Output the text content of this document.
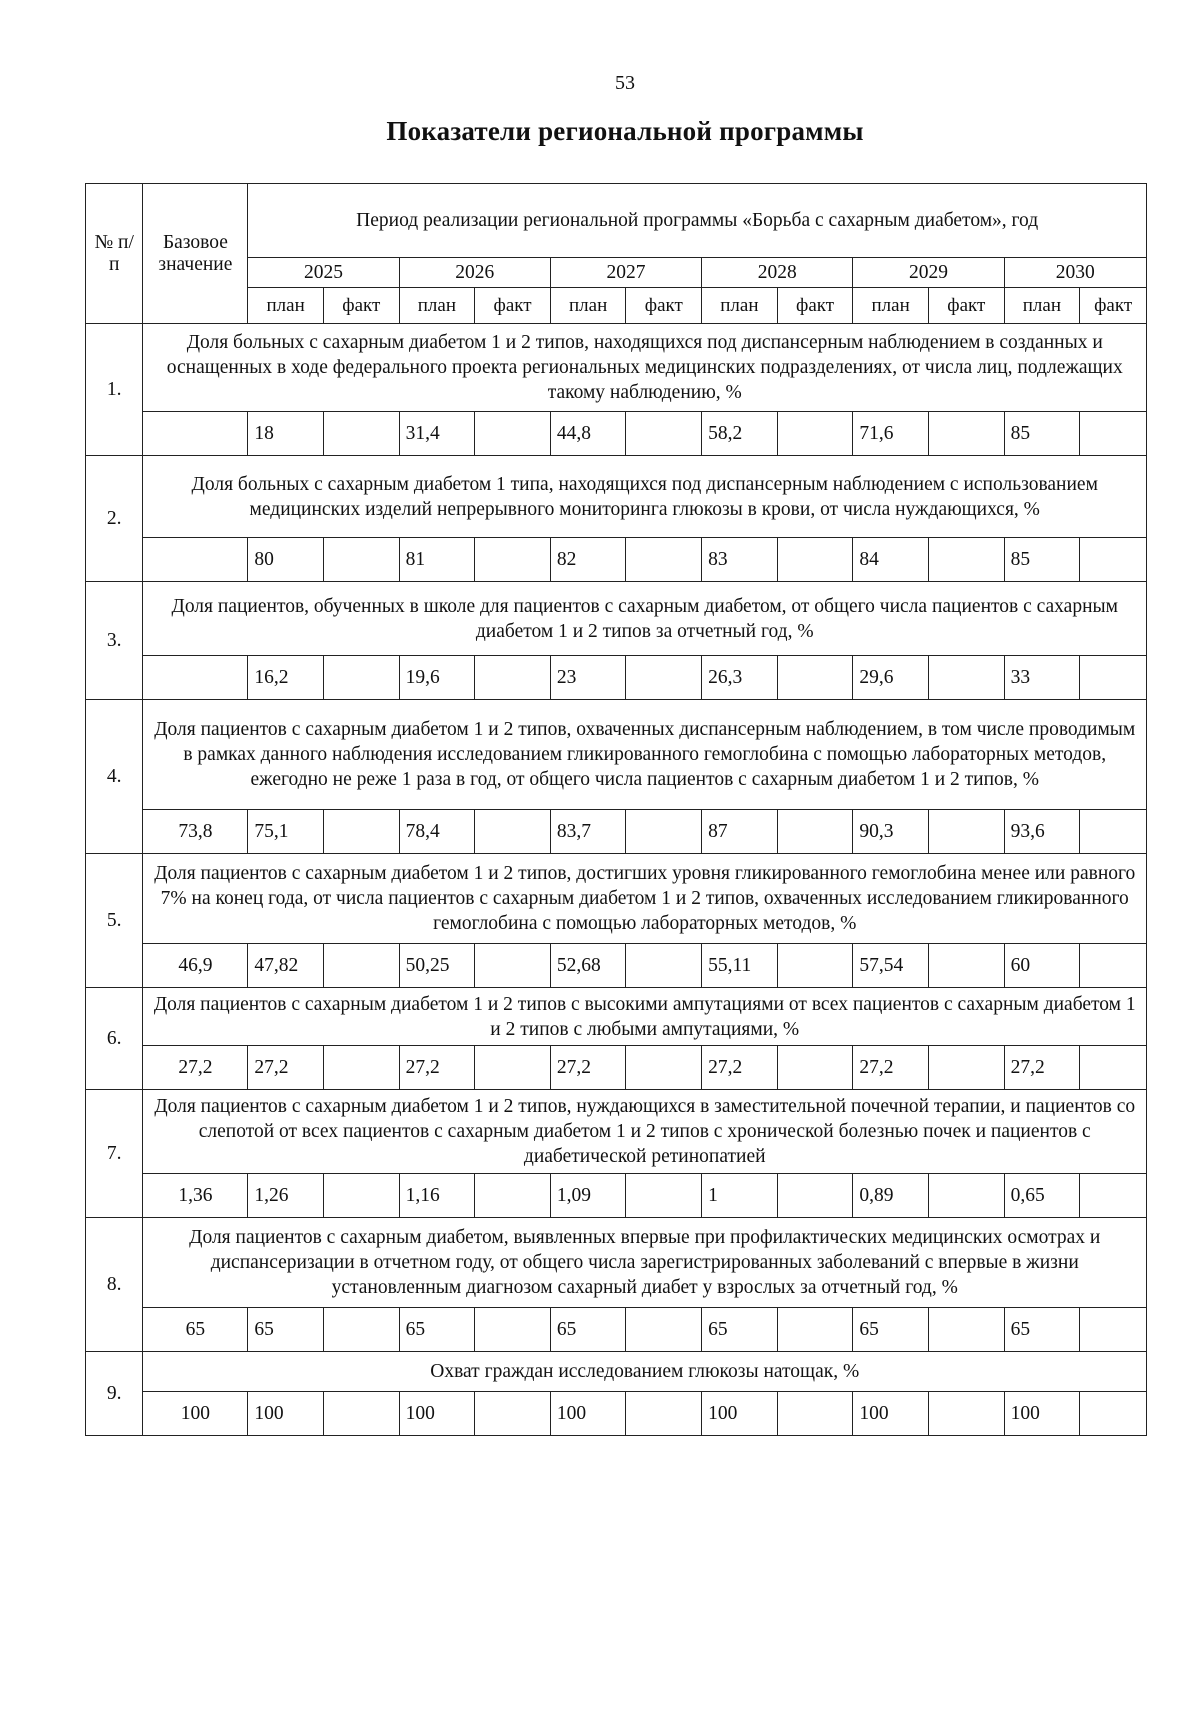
53
Показатели региональной программы
№ п/п	Базовое значение	Период реализации региональной программы «Борьба с сахарным диабетом», год											
		2025		2026		2027		2028		2029		2030	
		план	факт	план	факт	план	факт	план	факт	план	факт	план	факт
1.	Доля больных с сахарным диабетом 1 и 2 типов, находящихся под диспансерным наблюдением в созданных и оснащенных в ходе федерального проекта региональных медицинских подразделениях, от числа лиц, подлежащих такому наблюдению, %												
		18		31,4		44,8		58,2		71,6		85	
2.	Доля больных с сахарным диабетом 1 типа, находящихся под диспансерным наблюдением с использованием медицинских изделий непрерывного мониторинга глюкозы в крови, от числа нуждающихся, %												
		80		81		82		83		84		85	
3.	Доля пациентов, обученных в школе для пациентов с сахарным диабетом, от общего числа пациентов с сахарным диабетом 1 и 2 типов за отчетный год, %												
		16,2		19,6		23		26,3		29,6		33	
4.	Доля пациентов с сахарным диабетом 1 и 2 типов, охваченных диспансерным наблюдением, в том числе проводимым в рамках данного наблюдения исследованием гликированного гемоглобина с помощью лабораторных методов, ежегодно не реже 1 раза в год, от общего числа пациентов с сахарным диабетом 1 и 2 типов, %												
	73,8	75,1		78,4		83,7		87		90,3		93,6	
5.	Доля пациентов с сахарным диабетом 1 и 2 типов, достигших уровня гликированного гемоглобина менее или равного 7% на конец года, от числа пациентов с сахарным диабетом 1 и 2 типов, охваченных исследованием гликированного гемоглобина с помощью лабораторных методов, %												
	46,9	47,82		50,25		52,68		55,11		57,54		60	
6.	Доля пациентов с сахарным диабетом 1 и 2 типов с высокими ампутациями от всех пациентов с сахарным диабетом 1 и 2 типов с любыми ампутациями, %												
	27,2	27,2		27,2		27,2		27,2		27,2		27,2	
7.	Доля пациентов с сахарным диабетом 1 и 2 типов, нуждающихся в заместительной почечной терапии, и пациентов со слепотой от всех пациентов с сахарным диабетом 1 и 2 типов с хронической болезнью почек и пациентов с диабетической ретинопатией												
	1,36	1,26		1,16		1,09		1		0,89		0,65	
8.	Доля пациентов с сахарным диабетом, выявленных впервые при профилактических медицинских осмотрах и диспансеризации в отчетном году, от общего числа зарегистрированных заболеваний с впервые в жизни установленным диагнозом сахарный диабет у взрослых за отчетный год, %												
	65	65		65		65		65		65		65	
9.	Охват граждан исследованием глюкозы натощак, %												
	100	100		100		100		100		100		100	
